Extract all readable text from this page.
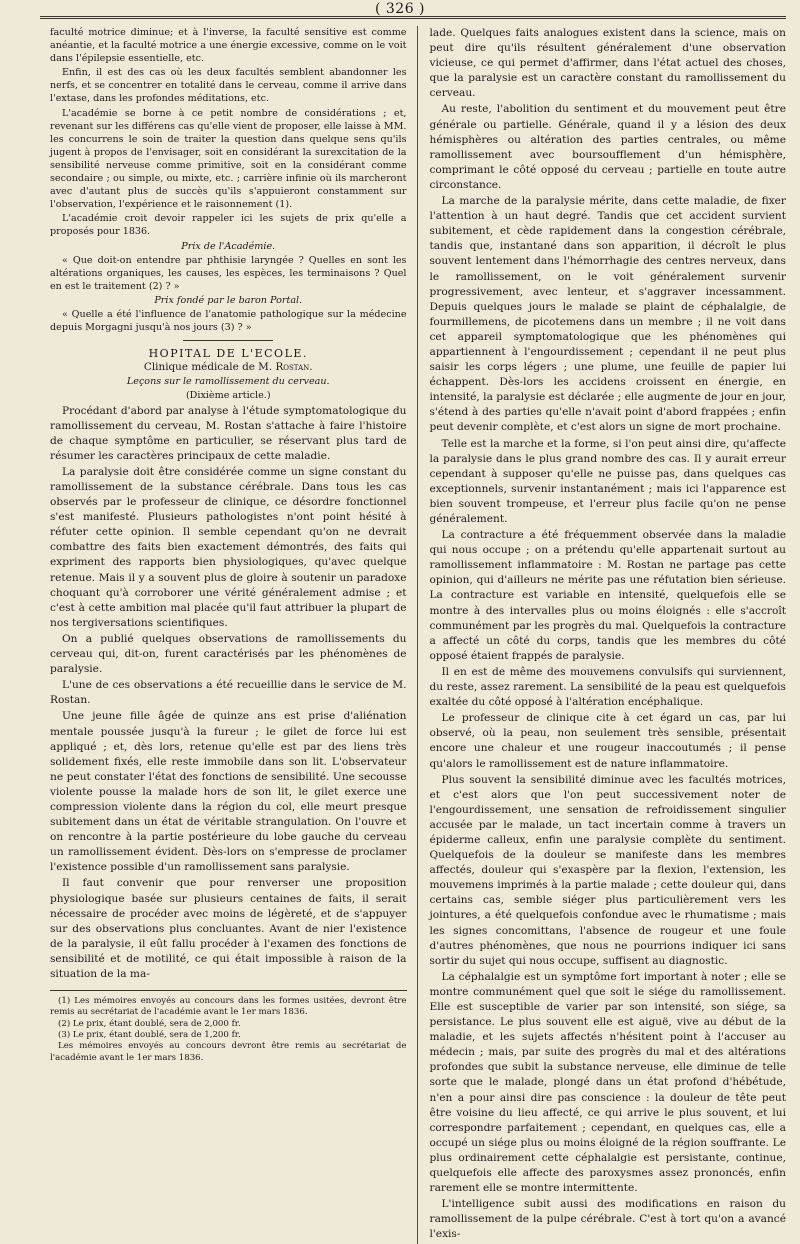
( 326 )

faculté motrice diminue; et à l'inverse, la faculté sensitive est comme anéantie, et la faculté motrice a une énergie excessive, comme on le voit dans l'épilepsie essentielle, etc.

Enfin, il est des cas où les deux facultés semblent abandonner les nerfs, et se concentrer en totalité dans le cerveau, comme il arrive dans l'extase, dans les profondes méditations, etc.

L'académie se borne à ce petit nombre de considérations ; et, revenant sur les différens cas qu'elle vient de proposer, elle laisse à MM. les concurrens le soin de traiter la question dans quelque sens qu'ils jugent à propos de l'envisager, soit en considérant la surexcitation de la sensibilité nerveuse comme primitive, soit en la considérant comme secondaire ; ou simple, ou mixte, etc. ; carrière infinie où ils marcheront avec d'autant plus de succès qu'ils s'appuieront constamment sur l'observation, l'expérience et le raisonnement (1).

L'académie croit devoir rappeler ici les sujets de prix qu'elle a proposés pour 1836.

Prix de l'Académie.

« Que doit-on entendre par phthisie laryngée ? Quelles en sont les altérations organiques, les causes, les espèces, les terminaisons ? Quel en est le traitement (2) ? »

Prix fondé par le baron Portal.

« Quelle a été l'influence de l'anatomie pathologique sur la médecine depuis Morgagni jusqu'à nos jours (3) ? »

HOPITAL DE L'ECOLE.

Clinique médicale de M. Rostan.

Leçons sur le ramollissement du cerveau.

(Dixième article.)

Procédant d'abord par analyse à l'étude symptomatologique du ramollissement du cerveau, M. Rostan s'attache à faire l'histoire de chaque symptôme en particulier, se réservant plus tard de résumer les caractères principaux de cette maladie.

La paralysie doit être considérée comme un signe constant du ramollissement de la substance cérébrale. Dans tous les cas observés par le professeur de clinique, ce désordre fonctionnel s'est manifesté. Plusieurs pathologistes n'ont point hésité à réfuter cette opinion. Il semble cependant qu'on ne devrait combattre des faits bien exactement démontrés, des faits qui expriment des rapports bien physiologiques, qu'avec quelque retenue. Mais il y a souvent plus de gloire à soutenir un paradoxe choquant qu'à corroborer une vérité généralement admise ; et c'est à cette ambition mal placée qu'il faut attribuer la plupart de nos tergiversations scientifiques.

On a publié quelques observations de ramollissements du cerveau qui, dit-on, furent caractérisés par les phénomènes de paralysie.

L'une de ces observations a été recueillie dans le service de M. Rostan.

Une jeune fille âgée de quinze ans est prise d'aliénation mentale poussée jusqu'à la fureur ; le gilet de force lui est appliqué ; et, dès lors, retenue qu'elle est par des liens très solidement fixés, elle reste immobile dans son lit. L'observateur ne peut constater l'état des fonctions de sensibilité. Une secousse violente pousse la malade hors de son lit, le gilet exerce une compression violente dans la région du col, elle meurt presque subitement dans un état de véritable strangulation. On l'ouvre et on rencontre à la partie postérieure du lobe gauche du cerveau un ramollissement évident. Dès-lors on s'empresse de proclamer l'existence possible d'un ramollissement sans paralysie.

Il faut convenir que pour renverser une proposition physiologique basée sur plusieurs centaines de faits, il serait nécessaire de procéder avec moins de légèreté, et de s'appuyer sur des observations plus concluantes. Avant de nier l'existence de la paralysie, il eût fallu procéder à l'examen des fonctions de sensibilité et de motilité, ce qui était impossible à raison de la situation de la ma-

(1) Les mémoires envoyés au concours dans les formes usitées, devront être remis au secrétariat de l'académie avant le 1er mars 1836.

(2) Le prix, étant doublé, sera de 2,000 fr.

(3) Le prix, étant doublé, sera de 1,200 fr.

Les mémoires envoyés au concours devront être remis au secrétariat de l'académie avant le 1er mars 1836.

lade. Quelques faits analogues existent dans la science, mais on peut dire qu'ils résultent généralement d'une observation vicieuse, ce qui permet d'affirmer, dans l'état actuel des choses, que la paralysie est un caractère constant du ramollissement du cerveau.

Au reste, l'abolition du sentiment et du mouvement peut être générale ou partielle. Générale, quand il y a lésion des deux hémisphères ou altération des parties centrales, ou même ramollissement avec boursoufflement d'un hémisphère, comprimant le côté opposé du cerveau ; partielle en toute autre circonstance.

La marche de la paralysie mérite, dans cette maladie, de fixer l'attention à un haut degré. Tandis que cet accident survient subitement, et cède rapidement dans la congestion cérébrale, tandis que, instantané dans son apparition, il décroît le plus souvent lentement dans l'hémorrhagie des centres nerveux, dans le ramollissement, on le voit généralement survenir progressivement, avec lenteur, et s'aggraver incessamment. Depuis quelques jours le malade se plaint de céphalalgie, de fourmillemens, de picotemens dans un membre ; il ne voit dans cet appareil symptomatologique que les phénomènes qui appartiennent à l'engourdissement ; cependant il ne peut plus saisir les corps légers ; une plume, une feuille de papier lui échappent. Dès-lors les accidens croissent en énergie, en intensité, la paralysie est déclarée ; elle augmente de jour en jour, s'étend à des parties qu'elle n'avait point d'abord frappées ; enfin peut devenir complète, et c'est alors un signe de mort prochaine.

Telle est la marche et la forme, si l'on peut ainsi dire, qu'affecte la paralysie dans le plus grand nombre des cas. Il y aurait erreur cependant à supposer qu'elle ne puisse pas, dans quelques cas exceptionnels, survenir instantanément ; mais ici l'apparence est bien souvent trompeuse, et l'erreur plus facile qu'on ne pense généralement.

La contracture a été fréquemment observée dans la maladie qui nous occupe ; on a prétendu qu'elle appartenait surtout au ramollissement inflammatoire : M. Rostan ne partage pas cette opinion, qui d'ailleurs ne mérite pas une réfutation bien sérieuse. La contracture est variable en intensité, quelquefois elle se montre à des intervalles plus ou moins éloignés : elle s'accroît communément par les progrès du mal. Quelquefois la contracture a affecté un côté du corps, tandis que les membres du côté opposé étaient frappés de paralysie.

Il en est de même des mouvemens convulsifs qui surviennent, du reste, assez rarement. La sensibilité de la peau est quelquefois exaltée du côté opposé à l'altération encéphalique.

Le professeur de clinique cite à cet égard un cas, par lui observé, où la peau, non seulement très sensible, présentait encore une chaleur et une rougeur inaccoutumés ; il pense qu'alors le ramollissement est de nature inflammatoire.

Plus souvent la sensibilité diminue avec les facultés motrices, et c'est alors que l'on peut successivement noter de l'engourdissement, une sensation de refroidissement singulier accusée par le malade, un tact incertain comme à travers un épiderme calleux, enfin une paralysie complète du sentiment. Quelquefois de la douleur se manifeste dans les membres affectés, douleur qui s'exaspère par la flexion, l'extension, les mouvemens imprimés à la partie malade ; cette douleur qui, dans certains cas, semble siéger plus particulièrement vers les jointures, a été quelquefois confondue avec le rhumatisme ; mais les signes concomittans, l'absence de rougeur et une foule d'autres phénomènes, que nous ne pourrions indiquer ici sans sortir du sujet qui nous occupe, suffisent au diagnostic.

La céphalalgie est un symptôme fort important à noter ; elle se montre communément quel que soit le siége du ramollissement. Elle est susceptible de varier par son intensité, son siége, sa persistance. Le plus souvent elle est aiguë, vive au début de la maladie, et les sujets affectés n'hésitent point à l'accuser au médecin ; mais, par suite des progrès du mal et des altérations profondes que subit la substance nerveuse, elle diminue de telle sorte que le malade, plongé dans un état profond d'hébétude, n'en a pour ainsi dire pas conscience : la douleur de tête peut être voisine du lieu affecté, ce qui arrive le plus souvent, et lui correspondre parfaitement ; cependant, en quelques cas, elle a occupé un siége plus ou moins éloigné de la région souffrante. Le plus ordinairement cette céphalalgie est persistante, continue, quelquefois elle affecte des paroxysmes assez prononcés, enfin rarement elle se montre intermittente.

L'intelligence subit aussi des modifications en raison du ramollissement de la pulpe cérébrale. C'est à tort qu'on a avancé l'exis-
